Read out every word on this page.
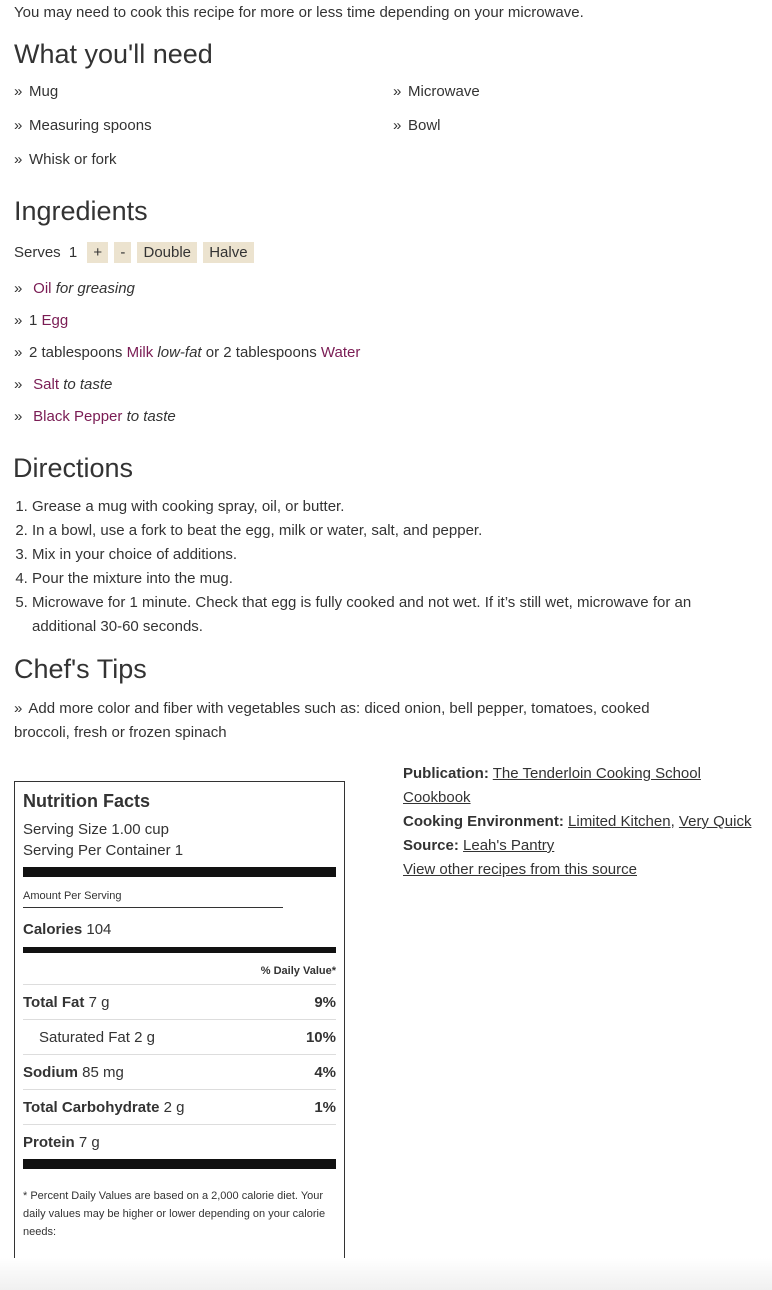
You may need to cook this recipe for more or less time depending on your microwave.
What you'll need
» Mug
» Measuring spoons
» Whisk or fork
» Microwave
» Bowl
Ingredients
Serves 1 + - Double Halve
» Oil for greasing
» 1 Egg
» 2 tablespoons Milk low-fat or 2 tablespoons Water
» Salt to taste
» Black Pepper to taste
Directions
1. Grease a mug with cooking spray, oil, or butter.
2. In a bowl, use a fork to beat the egg, milk or water, salt, and pepper.
3. Mix in your choice of additions.
4. Pour the mixture into the mug.
5. Microwave for 1 minute. Check that egg is fully cooked and not wet. If it’s still wet, microwave for an additional 30-60 seconds.
Chef's Tips
» Add more color and fiber with vegetables such as: diced onion, bell pepper, tomatoes, cooked broccoli, fresh or frozen spinach
Nutrition Facts
Serving Size 1.00 cup
Serving Per Container 1
Amount Per Serving
Calories 104
% Daily Value*
Total Fat 7 g	9%
Saturated Fat 2 g	10%
Sodium 85 mg	4%
Total Carbohydrate 2 g	1%
Protein 7 g
* Percent Daily Values are based on a 2,000 calorie diet. Your daily values may be higher or lower depending on your calorie needs:
Publication: The Tenderloin Cooking School Cookbook
Cooking Environment: Limited Kitchen, Very Quick
Source: Leah's Pantry
View other recipes from this source
